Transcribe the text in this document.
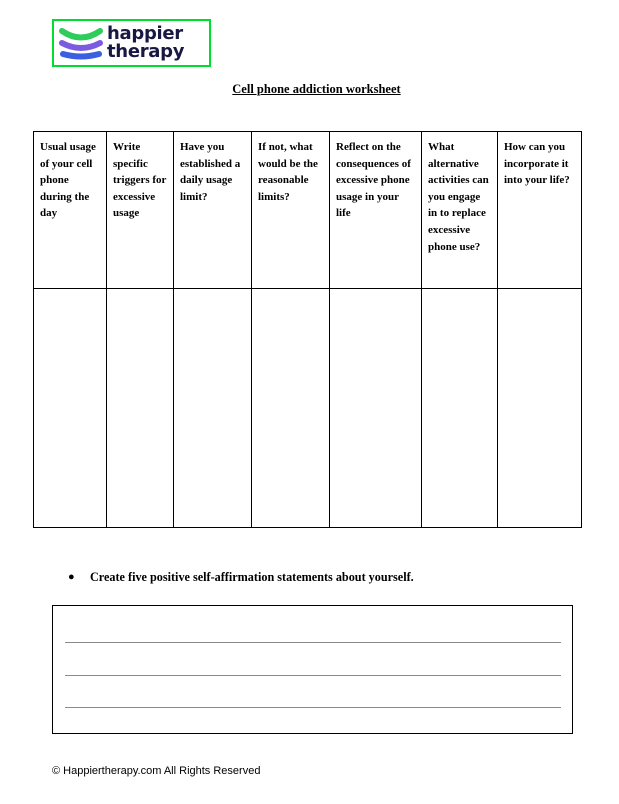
happier
therapy
Cell phone addiction worksheet
Usual usage of your cell phone during the day	Write specific triggers for excessive usage	Have you established a daily usage limit?	If not, what would be the reasonable limits?	Reflect on the consequences of excessive phone usage in your life	What alternative activities can you engage in to replace excessive phone use?	How can you incorporate it into your life?

●	Create five positive self-affirmation statements about yourself.
© Happiertherapy.com All Rights Reserved
